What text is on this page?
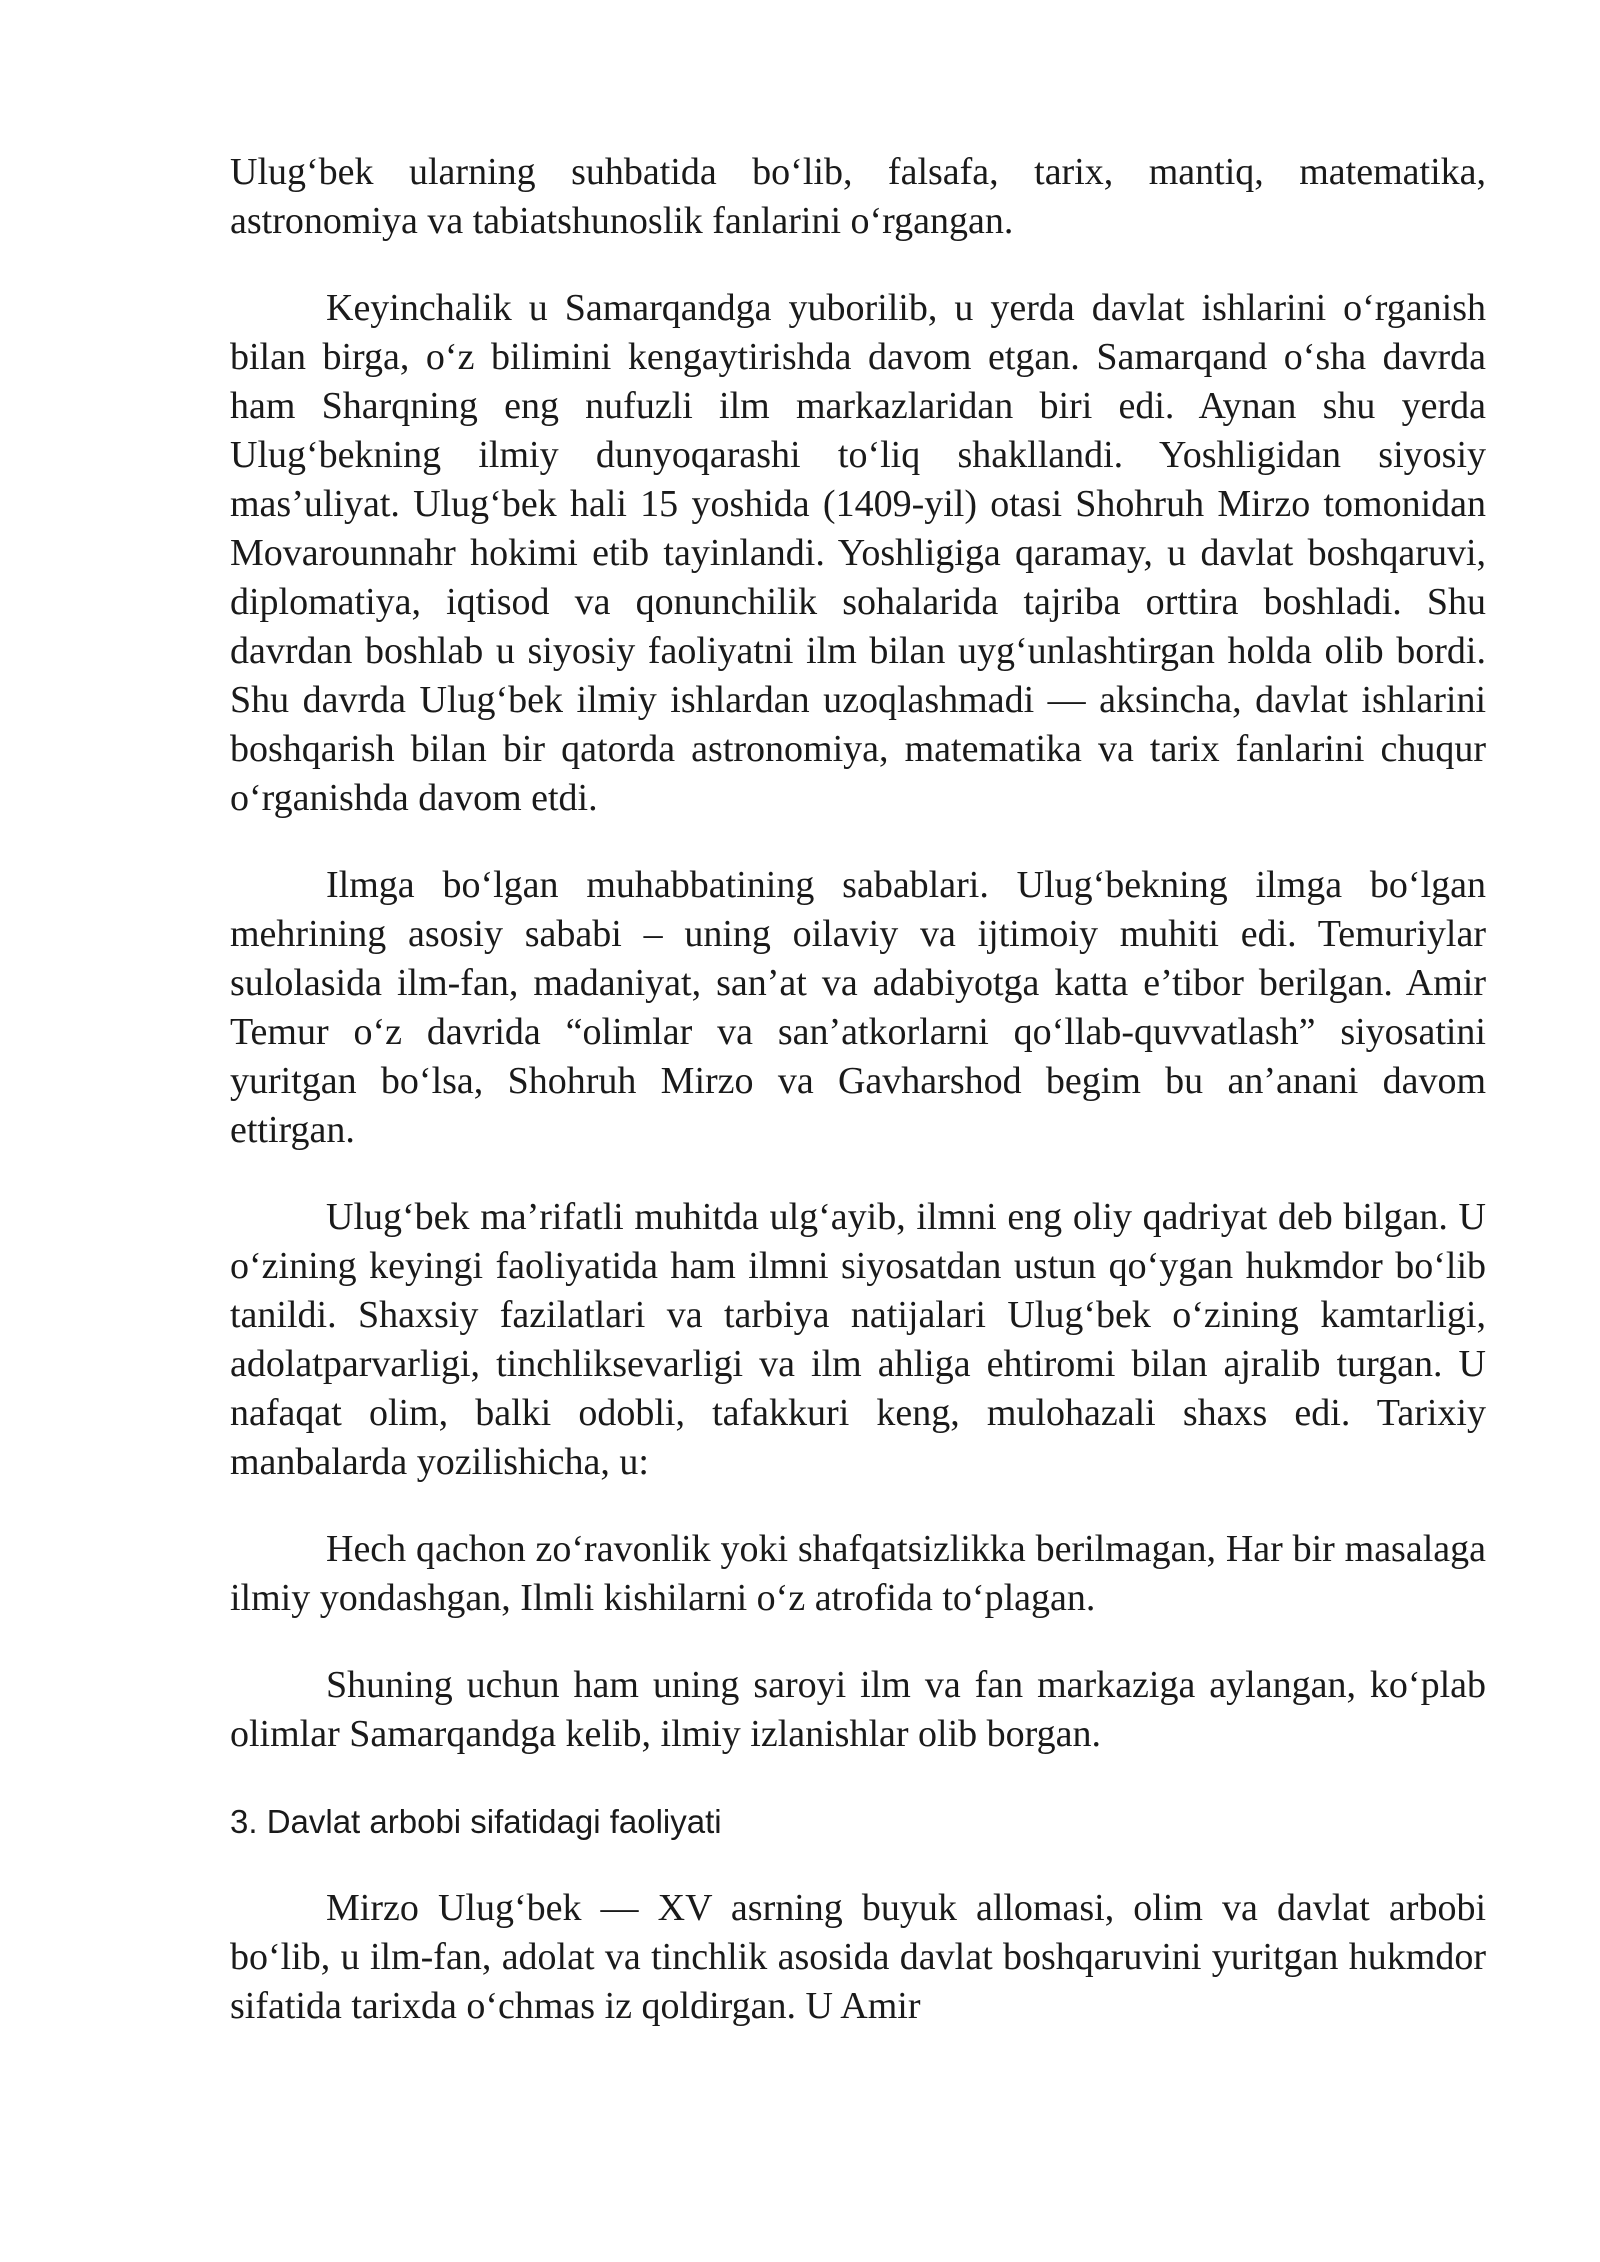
Ulug‘bek ularning suhbatida bo‘lib, falsafa, tarix, mantiq, matematika, astronomiya va tabiatshunoslik fanlarini o‘rgangan.

Keyinchalik u Samarqandga yuborilib, u yerda davlat ishlarini o‘rganish bilan birga, o‘z bilimini kengaytirishda davom etgan. Samarqand o‘sha davrda ham Sharqning eng nufuzli ilm markazlaridan biri edi. Aynan shu yerda Ulug‘bekning ilmiy dunyoqarashi to‘liq shakllandi. Yoshligidan siyosiy mas’uliyat. Ulug‘bek hali 15 yoshida (1409-yil) otasi Shohruh Mirzo tomonidan Movarounnahr hokimi etib tayinlandi. Yoshligiga qaramay, u davlat boshqaruvi, diplomatiya, iqtisod va qonunchilik sohalarida tajriba orttira boshladi. Shu davrdan boshlab u siyosiy faoliyatni ilm bilan uyg‘unlashtirgan holda olib bordi. Shu davrda Ulug‘bek ilmiy ishlardan uzoqlashmadi — aksincha, davlat ishlarini boshqarish bilan bir qatorda astronomiya, matematika va tarix fanlarini chuqur o‘rganishda davom etdi.

Ilmga bo‘lgan muhabbatining sabablari. Ulug‘bekning ilmga bo‘lgan mehrining asosiy sababi – uning oilaviy va ijtimoiy muhiti edi. Temuriylar sulolasida ilm-fan, madaniyat, san’at va adabiyotga katta e’tibor berilgan. Amir Temur o‘z davrida “olimlar va san’atkorlarni qo‘llab-quvvatlash” siyosatini yuritgan bo‘lsa, Shohruh Mirzo va Gavharshod begim bu an’anani davom ettirgan.

Ulug‘bek ma’rifatli muhitda ulg‘ayib, ilmni eng oliy qadriyat deb bilgan. U o‘zining keyingi faoliyatida ham ilmni siyosatdan ustun qo‘ygan hukmdor bo‘lib tanildi. Shaxsiy fazilatlari va tarbiya natijalari Ulug‘bek o‘zining kamtarligi, adolatparvarligi, tinchliksevarligi va ilm ahliga ehtiromi bilan ajralib turgan. U nafaqat olim, balki odobli, tafakkuri keng, mulohazali shaxs edi. Tarixiy manbalarda yozilishicha, u:

Hech qachon zo‘ravonlik yoki shafqatsizlikka berilmagan, Har bir masalaga ilmiy yondashgan, Ilmli kishilarni o‘z atrofida to‘plagan.

Shuning uchun ham uning saroyi ilm va fan markaziga aylangan, ko‘plab olimlar Samarqandga kelib, ilmiy izlanishlar olib borgan.

3. Davlat arbobi sifatidagi faoliyati

Mirzo Ulug‘bek — XV asrning buyuk allomasi, olim va davlat arbobi bo‘lib, u ilm-fan, adolat va tinchlik asosida davlat boshqaruvini yuritgan hukmdor sifatida tarixda o‘chmas iz qoldirgan. U Amir
